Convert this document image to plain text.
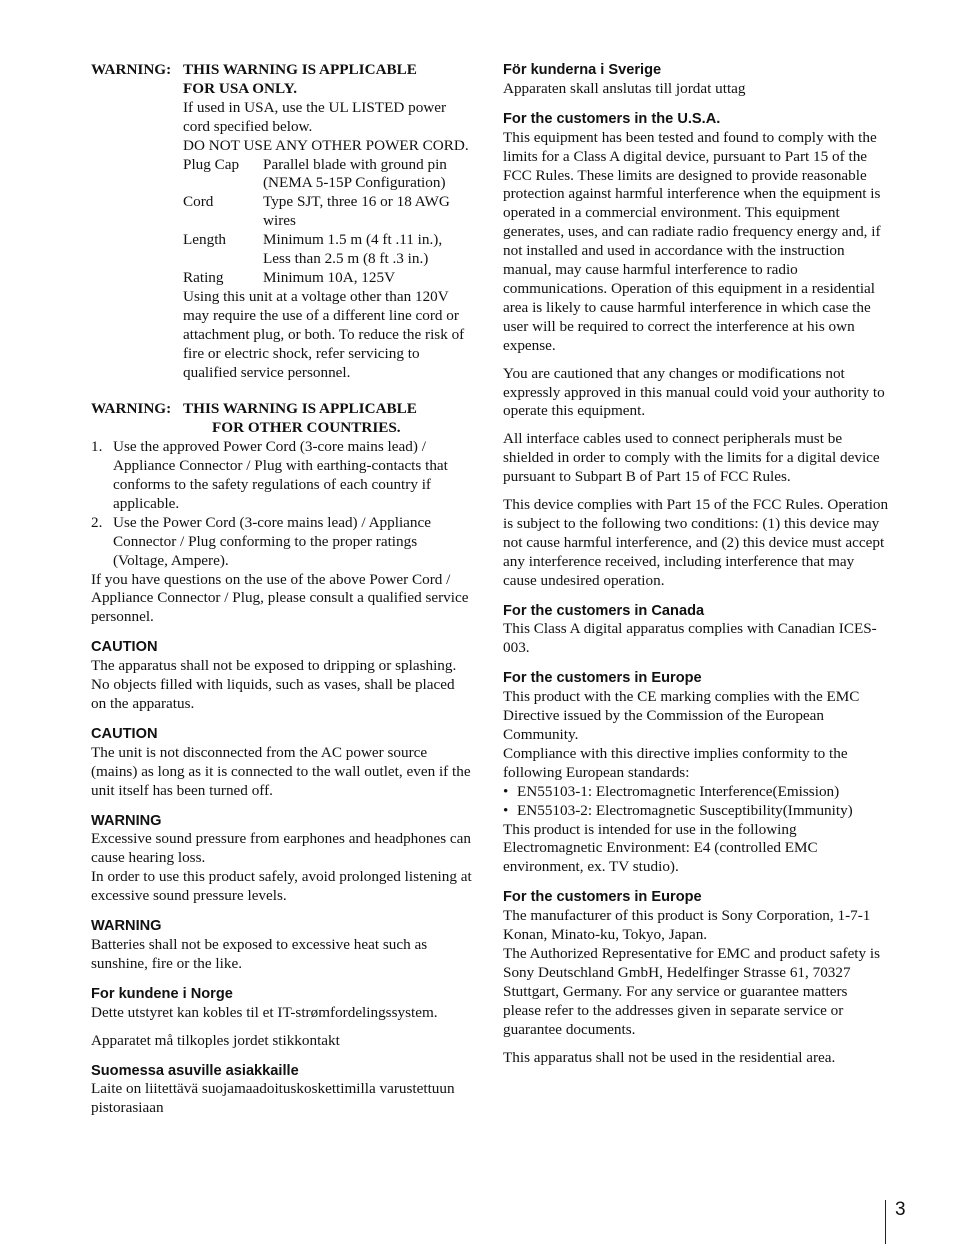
WARNING: THIS WARNING IS APPLICABLE
FOR USA ONLY.

If used in USA, use the UL LISTED power cord specified below.

DO NOT USE ANY OTHER POWER CORD.

Plug Cap	Parallel blade with ground pin (NEMA 5-15P Configuration)
Cord	Type SJT, three 16 or 18 AWG wires
Length	Minimum 1.5 m (4 ft .11 in.), Less than 2.5 m (8 ft .3 in.)
Rating	Minimum 10A, 125V

Using this unit at a voltage other than 120V may require the use of a different line cord or attachment plug, or both. To reduce the risk of fire or electric shock, refer servicing to qualified service personnel.

WARNING: THIS WARNING IS APPLICABLE
FOR OTHER COUNTRIES.
1. Use the approved Power Cord (3-core mains lead) / Appliance Connector / Plug with earthing-contacts that conforms to the safety regulations of each country if applicable.
2. Use the Power Cord (3-core mains lead) / Appliance Connector / Plug conforming to the proper ratings (Voltage, Ampere).

If you have questions on the use of the above Power Cord / Appliance Connector / Plug, please consult a qualified service personnel.

CAUTION

The apparatus shall not be exposed to dripping or splashing. No objects filled with liquids, such as vases, shall be placed on the apparatus.

CAUTION

The unit is not disconnected from the AC power source (mains) as long as it is connected to the wall outlet, even if the unit itself has been turned off.

WARNING

Excessive sound pressure from earphones and headphones can cause hearing loss.

In order to use this product safely, avoid prolonged listening at excessive sound pressure levels.

WARNING

Batteries shall not be exposed to excessive heat such as sunshine, fire or the like.

For kundene i Norge

Dette utstyret kan kobles til et IT-strømfordelingssystem.

Apparatet må tilkoples jordet stikkontakt

Suomessa asuville asiakkaille

Laite on liitettävä suojamaadoituskoskettimilla varustettuun pistorasiaan

För kunderna i Sverige

Apparaten skall anslutas till jordat uttag

For the customers in the U.S.A.

This equipment has been tested and found to comply with the limits for a Class A digital device, pursuant to Part 15 of the FCC Rules. These limits are designed to provide reasonable protection against harmful interference when the equipment is operated in a commercial environment. This equipment generates, uses, and can radiate radio frequency energy and, if not installed and used in accordance with the instruction manual, may cause harmful interference to radio communications. Operation of this equipment in a residential area is likely to cause harmful interference in which case the user will be required to correct the interference at his own expense.

You are cautioned that any changes or modifications not expressly approved in this manual could void your authority to operate this equipment.

All interface cables used to connect peripherals must be shielded in order to comply with the limits for a digital device pursuant to Subpart B of Part 15 of FCC Rules.

This device complies with Part 15 of the FCC Rules. Operation is subject to the following two conditions: (1) this device may not cause harmful interference, and (2) this device must accept any interference received, including interference that may cause undesired operation.

For the customers in Canada

This Class A digital apparatus complies with Canadian ICES-003.

For the customers in Europe

This product with the CE marking complies with the EMC Directive issued by the Commission of the European Community.

Compliance with this directive implies conformity to the following European standards:

• EN55103-1: Electromagnetic Interference(Emission)
• EN55103-2: Electromagnetic Susceptibility(Immunity)

This product is intended for use in the following Electromagnetic Environment: E4 (controlled EMC environment, ex. TV studio).

For the customers in Europe

The manufacturer of this product is Sony Corporation, 1-7-1 Konan, Minato-ku, Tokyo, Japan.

The Authorized Representative for EMC and product safety is Sony Deutschland GmbH, Hedelfinger Strasse 61, 70327 Stuttgart, Germany. For any service or guarantee matters please refer to the addresses given in separate service or guarantee documents.

This apparatus shall not be used in the residential area.

3
